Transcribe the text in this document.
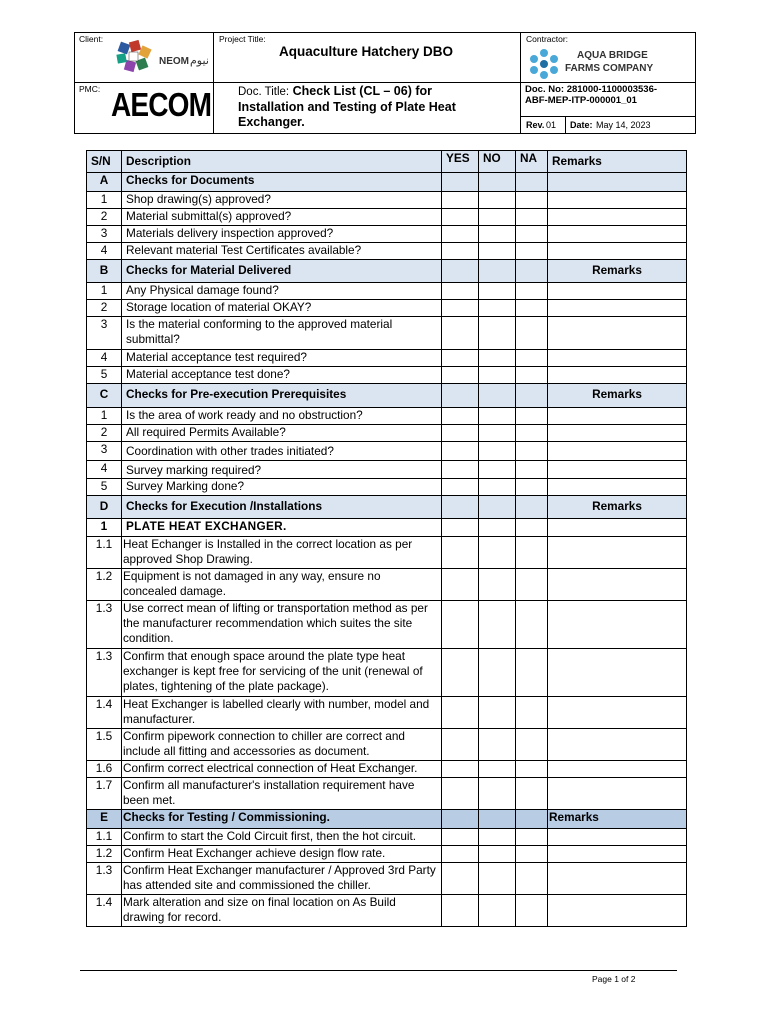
Client:
NEOM نيوم
Project Title:
Aquaculture Hatchery DBO
Contractor:
AQUA BRIDGE
FARMS COMPANY
PMC: AECOM Doc. Title: Check List (CL – 06) for
Installation and Testing of Plate Heat
Exchanger.
Doc. No: 281000-1100003536-
ABF-MEP-ITP-000001_01
Rev. 01 Date: May 14, 2023
S/N	Description	YES	NO	NA	Remarks
A	Checks for Documents				
1	Shop drawing(s) approved?				
2	Material submittal(s) approved?				
3	Materials delivery inspection approved?				
4	Relevant material Test Certificates available?				
B	Checks for Material Delivered				Remarks
1	Any Physical damage found?				
2	Storage location of material OKAY?				
3	Is the material conforming to the approved material submittal?				
4	Material acceptance test required?				
5	Material acceptance test done?				
C	Checks for Pre-execution Prerequisites				Remarks
1	Is the area of work ready and no obstruction?				
2	All required Permits Available?				
3	Coordination with other trades initiated?				
4	Survey marking required?				
5	Survey Marking done?				
D	Checks for Execution /Installations				Remarks
1	PLATE HEAT EXCHANGER.				
1.1	Heat Echanger is Installed in the correct location as per approved Shop Drawing.				
1.2	Equipment is not damaged in any way, ensure no concealed damage.				
1.3	Use correct mean of lifting or transportation method as per the manufacturer recommendation which suites the site condition.				
1.3	Confirm that enough space around the plate type heat exchanger is kept free for servicing of the unit (renewal of plates, tightening of the plate package).				
1.4	Heat Exchanger is labelled clearly with number, model and manufacturer.				
1.5	Confirm pipework connection to chiller are correct and include all fitting and accessories as document.				
1.6	Confirm correct electrical connection of Heat Exchanger.				
1.7	Confirm all manufacturer's installation requirement have been met.				
E	Checks for Testing / Commissioning.				Remarks
1.1	Confirm to start the Cold Circuit first, then the hot circuit.				
1.2	Confirm Heat Exchanger achieve design flow rate.				
1.3	Confirm Heat Exchanger manufacturer / Approved 3rd Party has attended site and commissioned the chiller.				
1.4	Mark alteration and size on final location on As Build drawing for record.				
Page 1 of 2
